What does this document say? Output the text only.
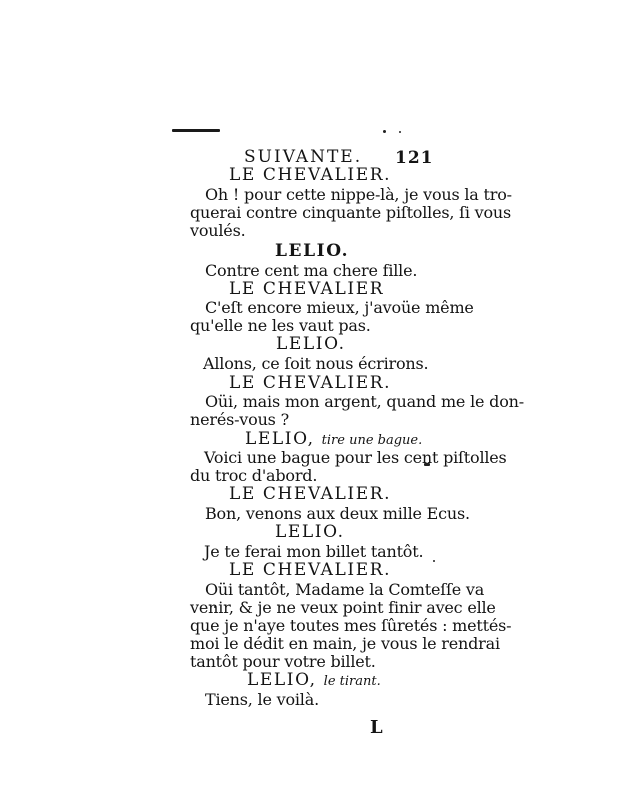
SUIVANTE. 121
LE CHEVALIER.
Oh ! pour cette nippe-là, je vous la tro-
querai contre cinquante piſtolles, ſi vous
voulés.
LELIO.
Contre cent ma chere fille.
LE CHEVALIER
C'eſt encore mieux, j'avoüe même
qu'elle ne les vaut pas.
LELIO.
Allons, ce ſoit nous écrirons.
LE CHEVALIER.
Oüi, mais mon argent, quand me le don-
nerés-vous ?
LELIO, tire une bague.
Voici une bague pour les cent piſtolles
du troc d'abord.
LE CHEVALIER.
Bon, venons aux deux mille Ecus.
LELIO.
Je te ferai mon billet tantôt.
LE CHEVALIER.
Oüi tantôt, Madame la Comteſſe va
venir, & je ne veux point finir avec elle
que je n'aye toutes mes ſûretés : mettés-
moi le dédit en main, je vous le rendrai
tantôt pour votre billet.
LELIO, le tirant.
Tiens, le voilà.
L
